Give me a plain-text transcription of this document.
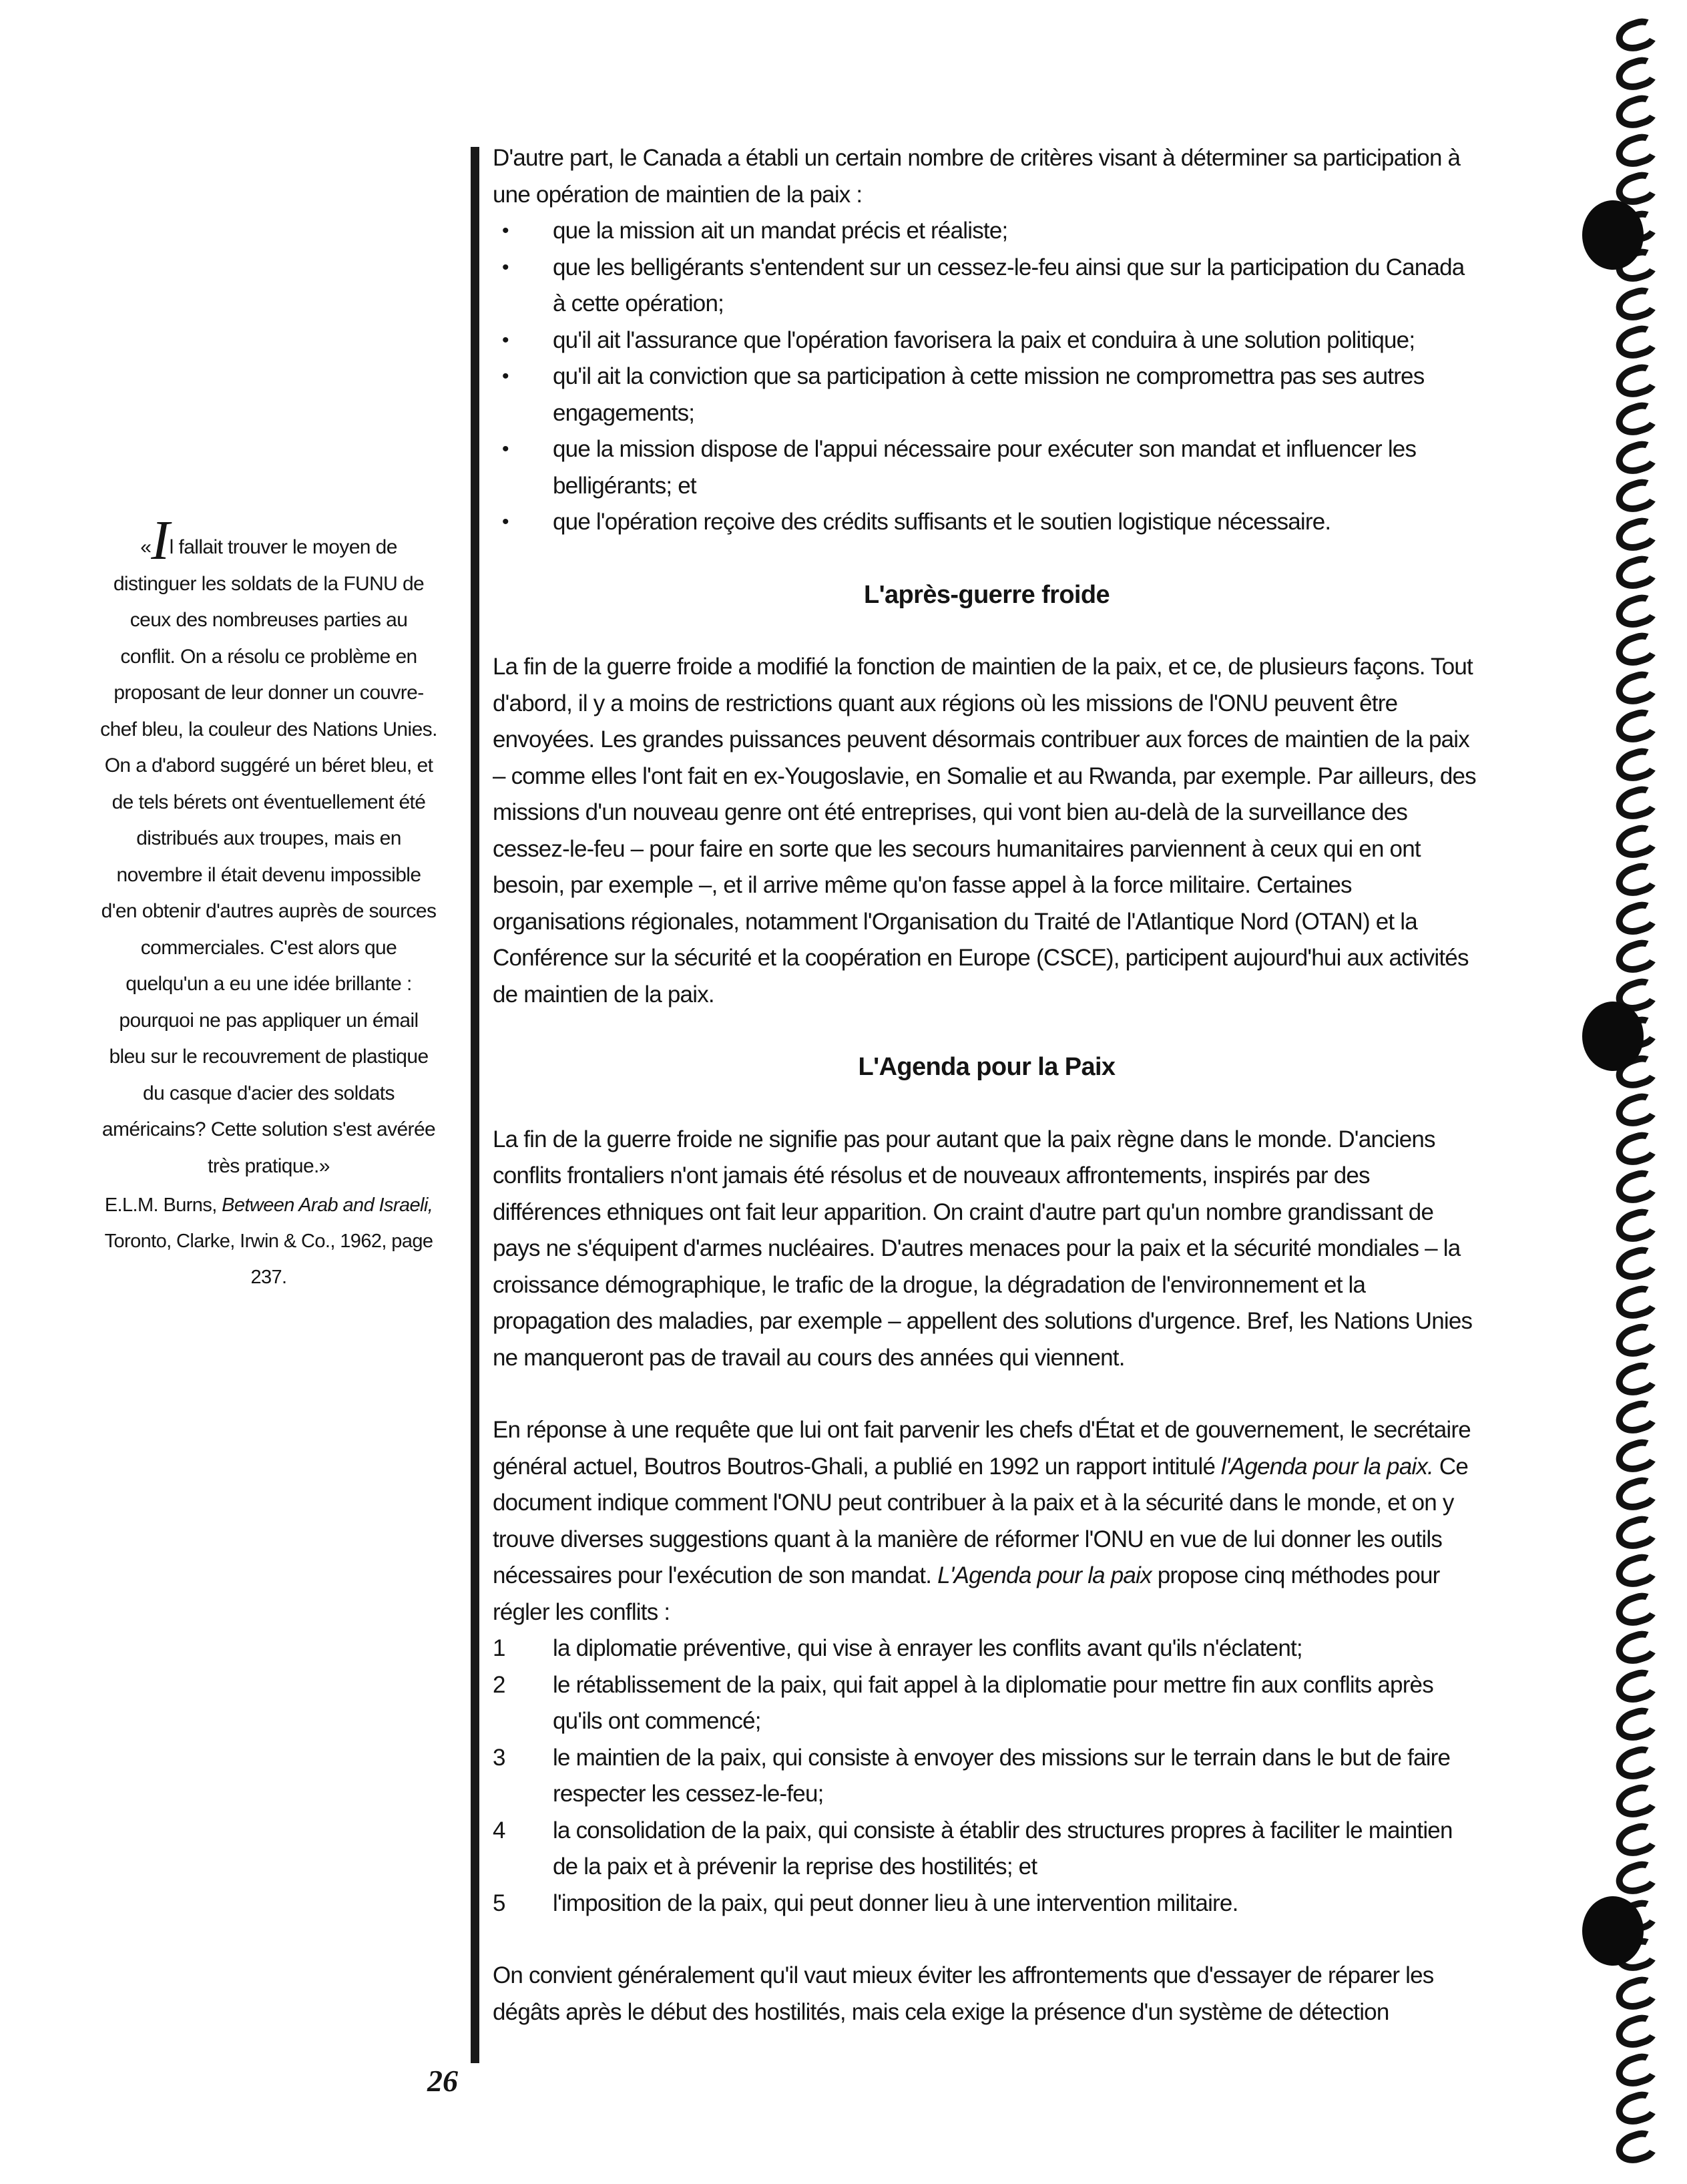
«Il fallait trouver le moyen de distinguer les soldats de la FUNU de ceux des nombreuses parties au conflit. On a résolu ce problème en proposant de leur donner un couvre-chef bleu, la couleur des Nations Unies. On a d'abord suggéré un béret bleu, et de tels bérets ont éventuellement été distribués aux troupes, mais en novembre il était devenu impossible d'en obtenir d'autres auprès de sources commerciales. C'est alors que quelqu'un a eu une idée brillante : pourquoi ne pas appliquer un émail bleu sur le recouvrement de plastique du casque d'acier des soldats américains? Cette solution s'est avérée très pratique.»
E.L.M. Burns, Between Arab and Israeli, Toronto, Clarke, Irwin & Co., 1962, page 237.

D'autre part, le Canada a établi un certain nombre de critères visant à déterminer sa participation à une opération de maintien de la paix :

• que la mission ait un mandat précis et réaliste;
• que les belligérants s'entendent sur un cessez-le-feu ainsi que sur la participation du Canada à cette opération;
• qu'il ait l'assurance que l'opération favorisera la paix et conduira à une solution politique;
• qu'il ait la conviction que sa participation à cette mission ne compromettra pas ses autres engagements;
• que la mission dispose de l'appui nécessaire pour exécuter son mandat et influencer les belligérants; et
• que l'opération reçoive des crédits suffisants et le soutien logistique nécessaire.
L'après-guerre froide

La fin de la guerre froide a modifié la fonction de maintien de la paix, et ce, de plusieurs façons. Tout d'abord, il y a moins de restrictions quant aux régions où les missions de l'ONU peuvent être envoyées. Les grandes puissances peuvent désormais contribuer aux forces de maintien de la paix – comme elles l'ont fait en ex-Yougoslavie, en Somalie et au Rwanda, par exemple. Par ailleurs, des missions d'un nouveau genre ont été entreprises, qui vont bien au-delà de la surveillance des cessez-le-feu – pour faire en sorte que les secours humanitaires parviennent à ceux qui en ont besoin, par exemple –, et il arrive même qu'on fasse appel à la force militaire. Certaines organisations régionales, notamment l'Organisation du Traité de l'Atlantique Nord (OTAN) et la Conférence sur la sécurité et la coopération en Europe (CSCE), participent aujourd'hui aux activités de maintien de la paix.

L'Agenda pour la Paix

La fin de la guerre froide ne signifie pas pour autant que la paix règne dans le monde. D'anciens conflits frontaliers n'ont jamais été résolus et de nouveaux affrontements, inspirés par des différences ethniques ont fait leur apparition. On craint d'autre part qu'un nombre grandissant de pays ne s'équipent d'armes nucléaires. D'autres menaces pour la paix et la sécurité mondiales – la croissance démographique, le trafic de la drogue, la dégradation de l'environnement et la propagation des maladies, par exemple – appellent des solutions d'urgence. Bref, les Nations Unies ne manqueront pas de travail au cours des années qui viennent.

En réponse à une requête que lui ont fait parvenir les chefs d'État et de gouvernement, le secrétaire général actuel, Boutros Boutros-Ghali, a publié en 1992 un rapport intitulé l'Agenda pour la paix. Ce document indique comment l'ONU peut contribuer à la paix et à la sécurité dans le monde, et on y trouve diverses suggestions quant à la manière de réformer l'ONU en vue de lui donner les outils nécessaires pour l'exécution de son mandat. L'Agenda pour la paix propose cinq méthodes pour régler les conflits :

1 la diplomatie préventive, qui vise à enrayer les conflits avant qu'ils n'éclatent;
2 le rétablissement de la paix, qui fait appel à la diplomatie pour mettre fin aux conflits après qu'ils ont commencé;
3 le maintien de la paix, qui consiste à envoyer des missions sur le terrain dans le but de faire respecter les cessez-le-feu;
4 la consolidation de la paix, qui consiste à établir des structures propres à faciliter le maintien de la paix et à prévenir la reprise des hostilités; et
5 l'imposition de la paix, qui peut donner lieu à une intervention militaire.

On convient généralement qu'il vaut mieux éviter les affrontements que d'essayer de réparer les dégâts après le début des hostilités, mais cela exige la présence d'un système de détection

26
